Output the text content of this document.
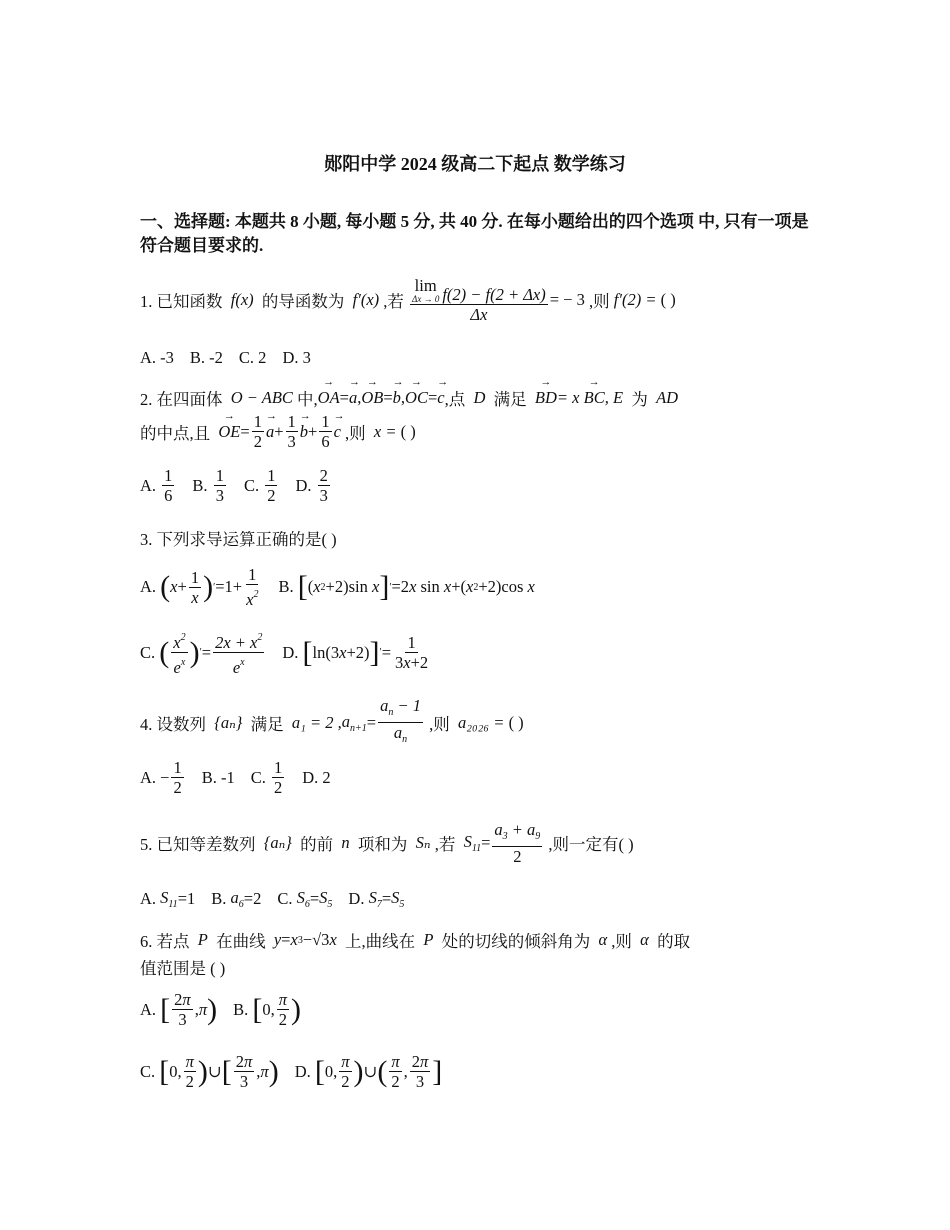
郧阳中学 2024 级高二下起点 数学练习
一、选择题: 本题共 8 小题, 每小题 5 分, 共 40 分. 在每小题给出的四个选项 中, 只有一项是符合题目要求的.
1. 已知函数
f(x)
的导函数为
f′(x)
,若
lim
Δx → 0 f(2) − f(2 + Δx)
Δx = − 3
,则
f′(2) =
( )
A. -3 B. -2 C. 2 D. 3
2. 在四面体
O − ABC
中,
→ OA =
→ a ,
→ OB =
→ b ,
→ OC =
→ c ,点
D
满足

→ BD = x

→ BC , E
为
AD
的中点,且

→ OE = $\frac{1}{2}$
→ $a + \frac{1}{3}$
→ $b + \frac{1}{6}$
→ c
,则
x =
( )
A.
$\frac{1}{6} B$.
$\frac{1}{3} C$.
$\frac{1}{2} D$.
$\frac{2}{3}$
3. 下列求导运算正确的是( )
A.
( $x + \frac{1}{x}$ ) ′ $=1+ \frac{1}{x^2} B$.
[ ( x 2 +2)sin x ] ′ =2 x sin x +( x 2 +2)cos x
C.
( $\frac{x^2}{e^x}$ ) ′ = $\frac{2x + x^2}{e^x} D$.
[ ln(3 x +2) ] ′ = $\frac{1}{3x+2}$
4. 设数列
{aₙ}
满足
a₁ = 2 , $a_{n+1} = \frac{a_n - 1}{a_n}$
,则
a₂₀₂₆ =
( )
A. − $\frac{1}{2} B$. -1 C.
$\frac{1}{2} D$. 2
5. 已知等差数列
{aₙ}
的前
n
项和为
Sₙ
,若
$S_{11} = \frac{a_3 + a_9}{2}$
,则一定有( )
A.
$S_{11} =1$ B.
$a_6 =2$ C.
$S_6 = S_5$ D.
$S_7 = S_5$
6. 若点
P
在曲线
y = x 3 −√3 x
上,曲线在
P
处的切线的倾斜角为
α
,则
α
的取
值范围是 ( )
A.
[ $\frac{2\pi}{3}$ , π ) B.
[ 0, $\frac{\pi}{2}$ )
C.
[ 0, $\frac{\pi}{2}$ ) ∪ [ $\frac{2\pi}{3}$ , π ) D.
[ 0, $\frac{\pi}{2}$ ) ∪ ( $\frac{\pi}{2}$ , $\frac{2\pi}{3}$ ]
